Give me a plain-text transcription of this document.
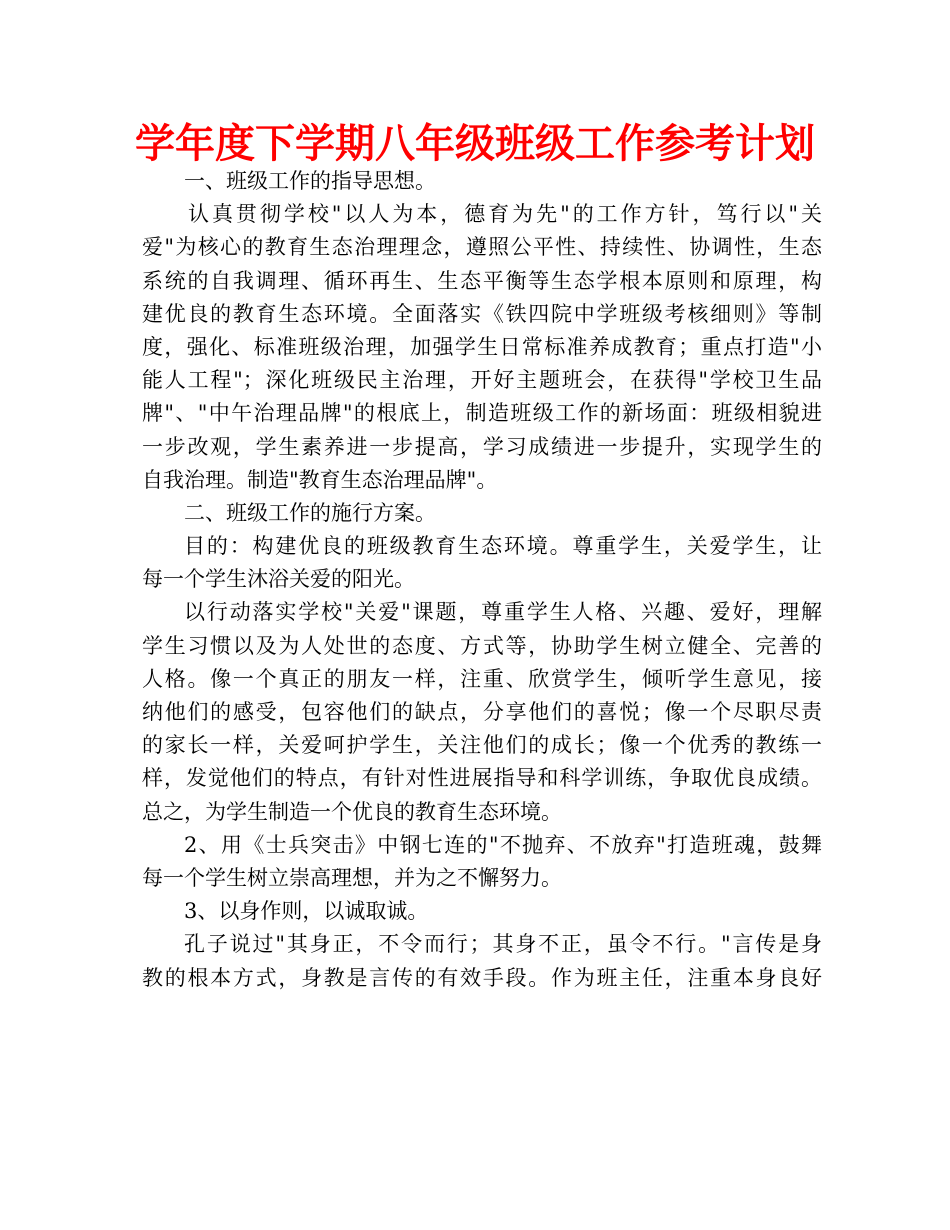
学年度下学期八年级班级工作参考计划
一、班级工作的指导思想。
认真贯彻学校"以人为本，德育为先"的工作方针，笃行以"关
爱"为核心的教育生态治理理念，遵照公平性、持续性、协调性，生态
系统的自我调理、循环再生、生态平衡等生态学根本原则和原理，构
建优良的教育生态环境。全面落实《铁四院中学班级考核细则》等制
度，强化、标准班级治理，加强学生日常标准养成教育；重点打造"小
能人工程"；深化班级民主治理，开好主题班会，在获得"学校卫生品
牌"、"中午治理品牌"的根底上，制造班级工作的新场面：班级相貌进
一步改观，学生素养进一步提高，学习成绩进一步提升，实现学生的
自我治理。制造"教育生态治理品牌"。
二、班级工作的施行方案。
目的：构建优良的班级教育生态环境。尊重学生，关爱学生，让
每一个学生沐浴关爱的阳光。
以行动落实学校"关爱"课题，尊重学生人格、兴趣、爱好，理解
学生习惯以及为人处世的态度、方式等，协助学生树立健全、完善的
人格。像一个真正的朋友一样，注重、欣赏学生，倾听学生意见，接
纳他们的感受，包容他们的缺点，分享他们的喜悦；像一个尽职尽责
的家长一样，关爱呵护学生，关注他们的成长；像一个优秀的教练一
样，发觉他们的特点，有针对性进展指导和科学训练，争取优良成绩。
总之，为学生制造一个优良的教育生态环境。
2、用《士兵突击》中钢七连的"不抛弃、不放弃"打造班魂，鼓舞
每一个学生树立崇高理想，并为之不懈努力。
3、以身作则，以诚取诚。
孔子说过"其身正，不令而行；其身不正，虽令不行。"言传是身
教的根本方式，身教是言传的有效手段。作为班主任，注重本身良好
